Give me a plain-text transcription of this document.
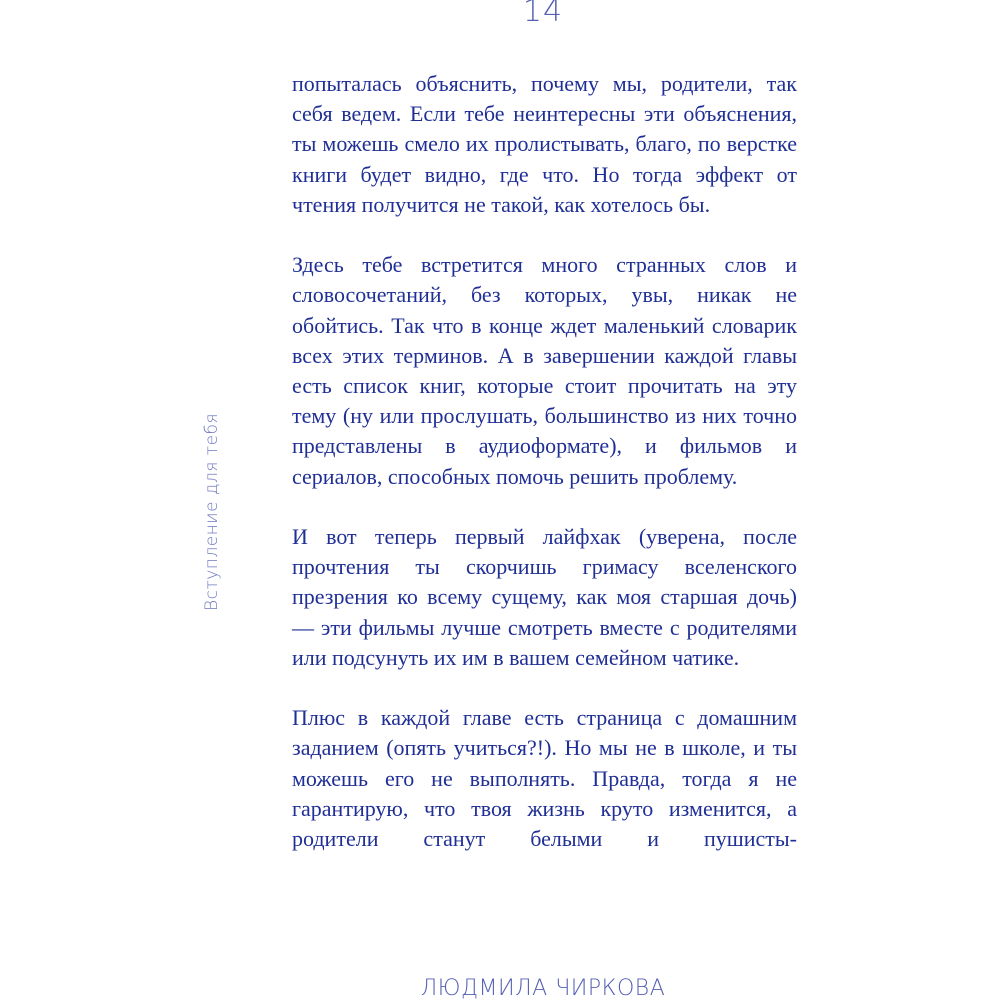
14
Вступление для тебя

попыталась объяснить, почему мы, родители, так себя ведем. Если тебе неинтересны эти объяснения, ты можешь смело их пролистывать, благо, по верстке книги будет видно, где что. Но тогда эффект от чтения получится не такой, как хотелось бы.

Здесь тебе встретится много странных слов и словосочетаний, без которых, увы, никак не обойтись. Так что в конце ждет маленький словарик всех этих терминов. А в завершении каждой главы есть список книг, которые стоит прочитать на эту тему (ну или прослушать, большинство из них точно представлены в аудиоформате), и фильмов и сериалов, способных помочь решить проблему.

И вот теперь первый лайфхак (уверена, после прочтения ты скорчишь гримасу вселенского презрения ко всему сущему, как моя старшая дочь) — эти фильмы лучше смотреть вместе с родителями или подсунуть их им в вашем семейном чатике.

Плюс в каждой главе есть страница с домашним заданием (опять учиться?!). Но мы не в школе, и ты можешь его не выполнять. Правда, тогда я не гарантирую, что твоя жизнь круто изменится, а родители станут белыми и пушисты-

ЛЮДМИЛА ЧИРКОВА
